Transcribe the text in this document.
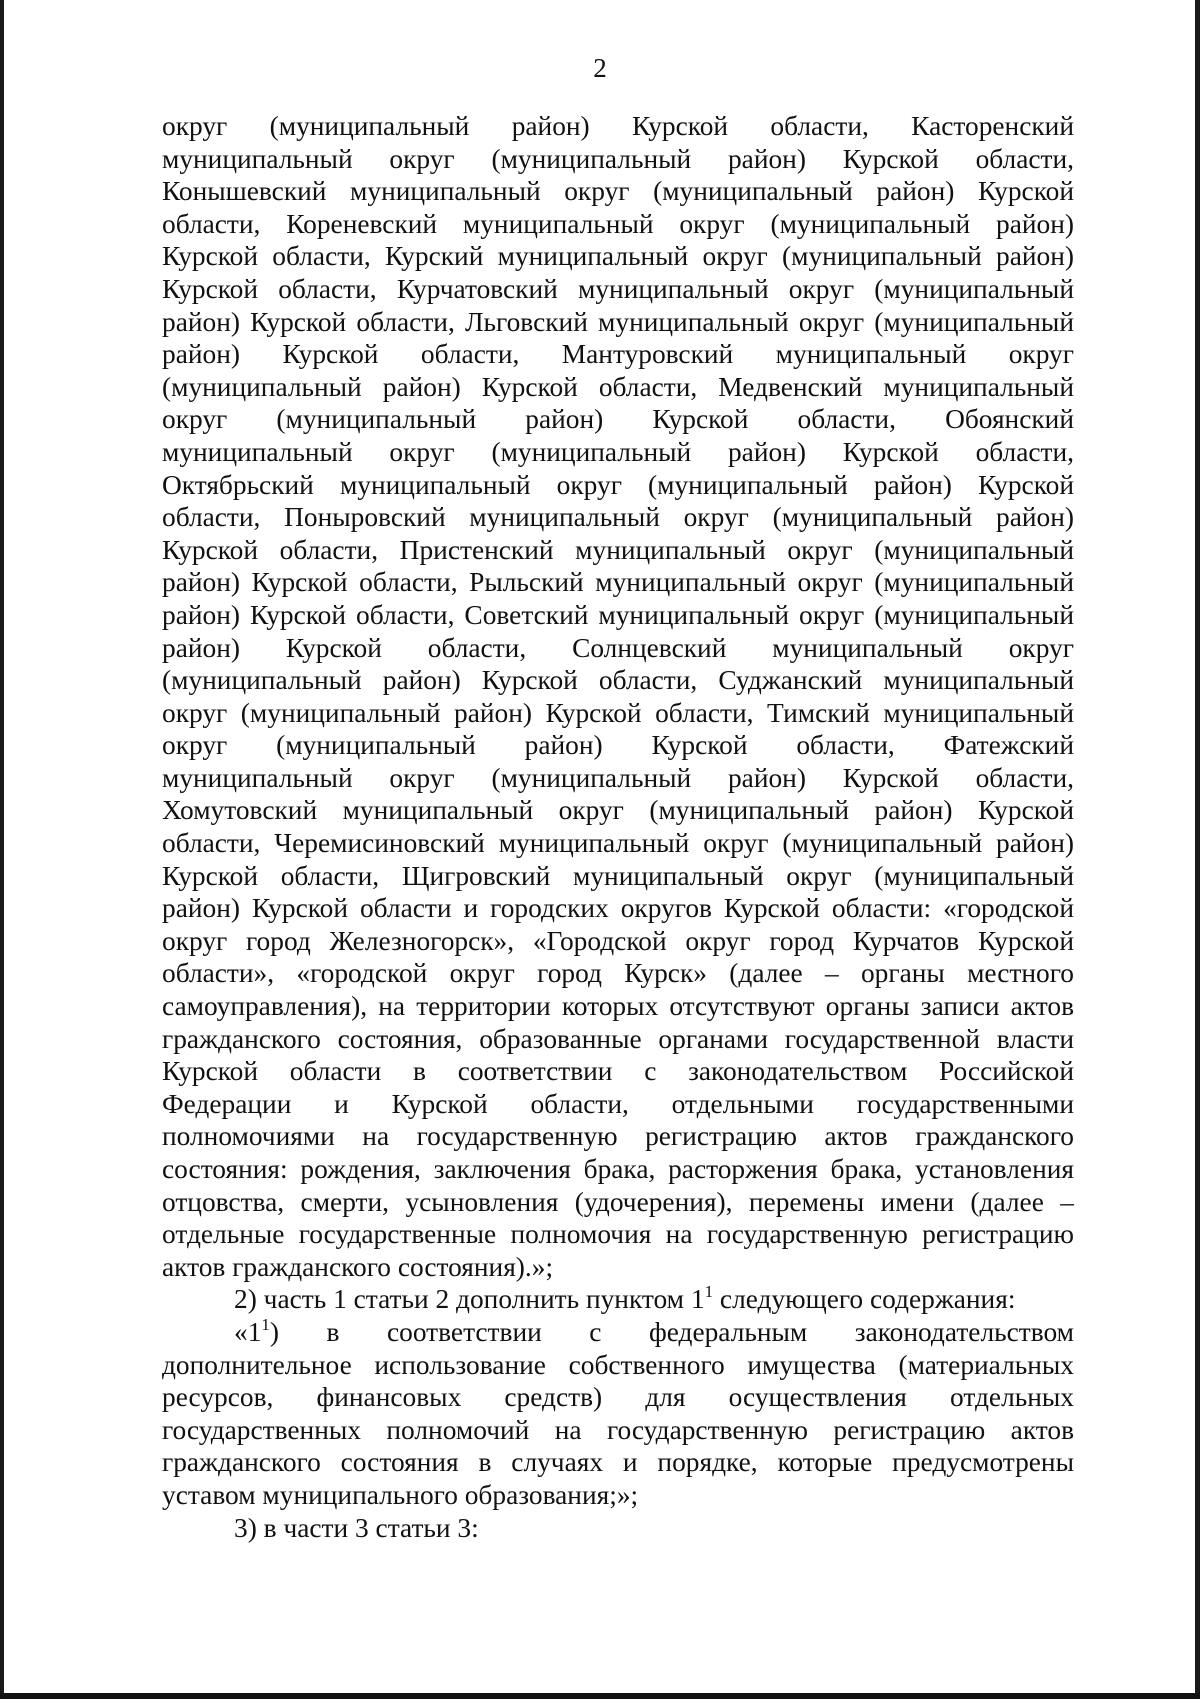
2
округ (муниципальный район) Курской области, Касторенский
муниципальный округ (муниципальный район) Курской области,
Конышевский муниципальный округ (муниципальный район) Курской
области, Кореневский муниципальный округ (муниципальный район)
Курской области, Курский муниципальный округ (муниципальный район)
Курской области, Курчатовский муниципальный округ (муниципальный
район) Курской области, Льговский муниципальный округ (муниципальный
район) Курской области, Мантуровский муниципальный округ
(муниципальный район) Курской области, Медвенский муниципальный
округ (муниципальный район) Курской области, Обоянский
муниципальный округ (муниципальный район) Курской области,
Октябрьский муниципальный округ (муниципальный район) Курской
области, Поныровский муниципальный округ (муниципальный район)
Курской области, Пристенский муниципальный округ (муниципальный
район) Курской области, Рыльский муниципальный округ (муниципальный
район) Курской области, Советский муниципальный округ (муниципальный
район) Курской области, Солнцевский муниципальный округ
(муниципальный район) Курской области, Суджанский муниципальный
округ (муниципальный район) Курской области, Тимский муниципальный
округ (муниципальный район) Курской области, Фатежский
муниципальный округ (муниципальный район) Курской области,
Хомутовский муниципальный округ (муниципальный район) Курской
области, Черемисиновский муниципальный округ (муниципальный район)
Курской области, Щигровский муниципальный округ (муниципальный
район) Курской области и городских округов Курской области: «городской
округ город Железногорск», «Городской округ город Курчатов Курской
области», «городской округ город Курск» (далее – органы местного
самоуправления), на территории которых отсутствуют органы записи актов
гражданского состояния, образованные органами государственной власти
Курской области в соответствии с законодательством Российской
Федерации и Курской области, отдельными государственными
полномочиями на государственную регистрацию актов гражданского
состояния: рождения, заключения брака, расторжения брака, установления
отцовства, смерти, усыновления (удочерения), перемены имени (далее –
отдельные государственные полномочия на государственную регистрацию
актов гражданского состояния).»;
2) часть 1 статьи 2 дополнить пунктом $1^1$ следующего содержания:
«$1^1$) в соответствии с федеральным законодательством
дополнительное использование собственного имущества (материальных
ресурсов, финансовых средств) для осуществления отдельных
государственных полномочий на государственную регистрацию актов
гражданского состояния в случаях и порядке, которые предусмотрены
уставом муниципального образования;»;
3) в части 3 статьи 3:
